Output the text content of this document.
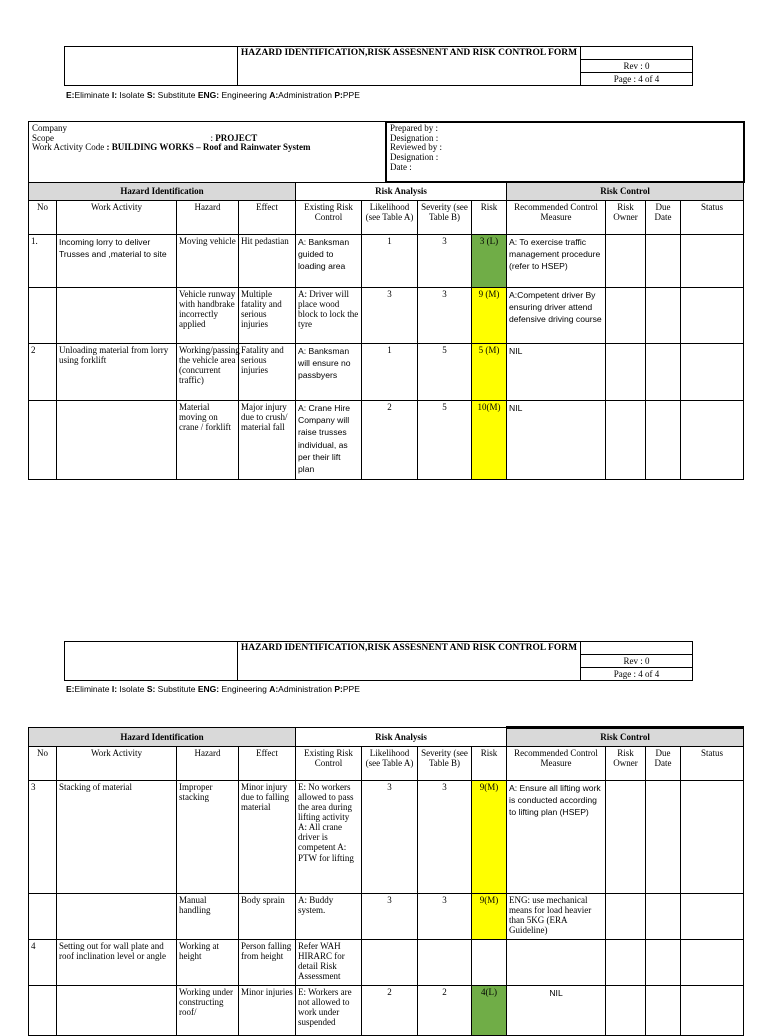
	HAZARD IDENTIFICATION,RISK ASSESNENT AND RISK CONTROL FORM	
Rev : 0
Page : 4 of 4
E:Eliminate I: Isolate S: Substitute ENG: Engineering A:Administration P:PPE
Company
Scope	: PROJECT
Work Activity Code : BUILDING WORKS – Roof and Rainwater System
Prepared by :
Designation :
Reviewed by :
Designation :
Date :
Hazard Identification				Risk Analysis				Risk Control			
No	Work Activity	Hazard	Effect	Existing Risk Control	Likelihood (see Table A)	Severity (see Table B)	Risk	Recommended Control Measure	Risk Owner	Due Date	Status
1.	Incoming lorry to deliver Trusses and ,material to site	Moving vehicle	Hit pedastian	A: Banksman guided to loading area	1	3	3 (L)	A: To exercise traffic management procedure (refer to HSEP)			
		Vehicle runway with handbrake incorrectly applied	Multiple fatality and serious injuries	A: Driver will place wood block to lock the tyre	3	3	9 (M)	A:Competent driver By ensuring driver attend defensive driving course			
2	Unloading material from lorry using forklift	Working/passing the vehicle area (concurrent traffic)	Fatality and serious injuries	A: Banksman will ensure no passbyers	1	5	5 (M)	NIL			
		Material moving on crane / forklift	Major injury due to crush/ material fall	A: Crane Hire Company will raise trusses individual, as per their lift plan	2	5	10(M)	NIL			
	HAZARD IDENTIFICATION,RISK ASSESNENT AND RISK CONTROL FORM	
Rev : 0
Page : 4 of 4
E:Eliminate I: Isolate S: Substitute ENG: Engineering A:Administration P:PPE
Hazard Identification				Risk Analysis				Risk Control			
No	Work Activity	Hazard	Effect	Existing Risk Control	Likelihood (see Table A)	Severity (see Table B)	Risk	Recommended Control Measure	Risk Owner	Due Date	Status
3	Stacking of material	Improper stacking	Minor injury due to falling material	E: No workers allowed to pass the area during lifting activity A: All crane driver is competent A: PTW for lifting	3	3	9(M)	A: Ensure all lifting work is conducted according to lifting plan (HSEP)			
		Manual handling	Body sprain	A: Buddy system.	3	3	9(M)	ENG: use mechanical means for load heavier than 5KG (ERA Guideline)			
4	Setting out for wall plate and roof inclination level or angle	Working at height	Person falling from height	Refer WAH HIRARC for detail Risk Assessment							
		Working under constructing roof/	Minor injuries	E: Workers are not allowed to work under suspended	2	2	4(L)	NIL			
